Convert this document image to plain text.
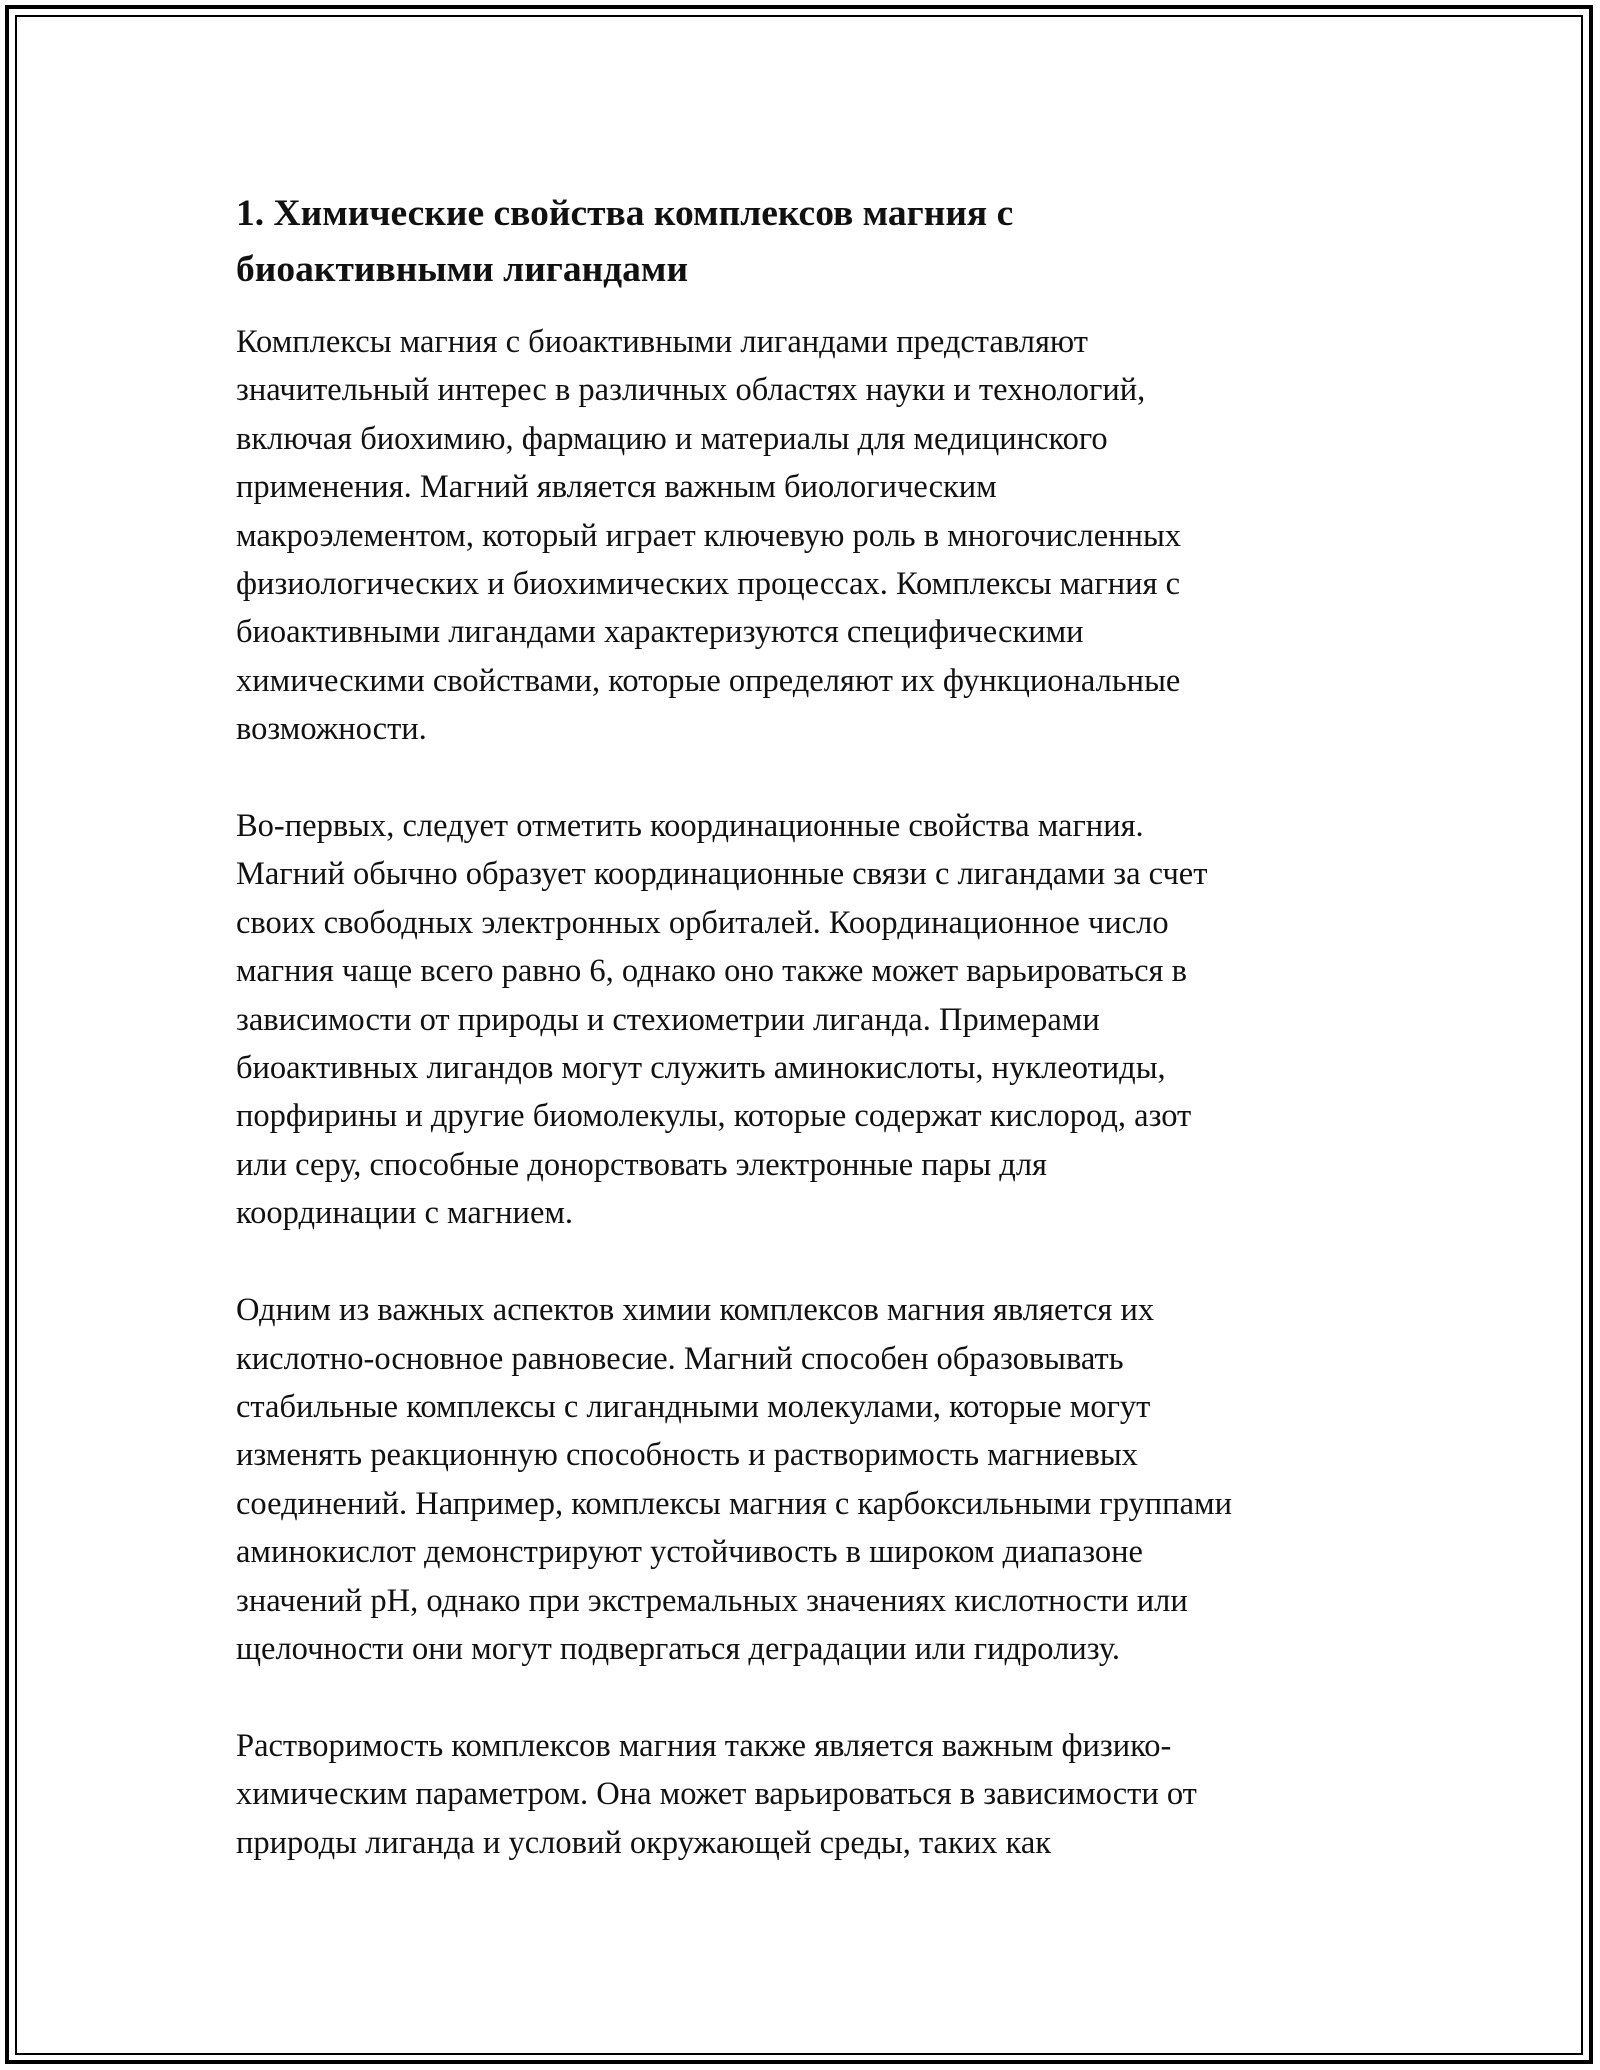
1. Химические свойства комплексов магния с
биоактивными лигандами
Комплексы магния с биоактивными лигандами представляют
значительный интерес в различных областях науки и технологий,
включая биохимию, фармацию и материалы для медицинского
применения. Магний является важным биологическим
макроэлементом, который играет ключевую роль в многочисленных
физиологических и биохимических процессах. Комплексы магния с
биоактивными лигандами характеризуются специфическими
химическими свойствами, которые определяют их функциональные
возможности.
Во-первых, следует отметить координационные свойства магния.
Магний обычно образует координационные связи с лигандами за счет
своих свободных электронных орбиталей. Координационное число
магния чаще всего равно 6, однако оно также может варьироваться в
зависимости от природы и стехиометрии лиганда. Примерами
биоактивных лигандов могут служить аминокислоты, нуклеотиды,
порфирины и другие биомолекулы, которые содержат кислород, азот
или серу, способные донорствовать электронные пары для
координации с магнием.
Одним из важных аспектов химии комплексов магния является их
кислотно-основное равновесие. Магний способен образовывать
стабильные комплексы с лигандными молекулами, которые могут
изменять реакционную способность и растворимость магниевых
соединений. Например, комплексы магния с карбоксильными группами
аминокислот демонстрируют устойчивость в широком диапазоне
значений pH, однако при экстремальных значениях кислотности или
щелочности они могут подвергаться деградации или гидролизу.
Растворимость комплексов магния также является важным физико-
химическим параметром. Она может варьироваться в зависимости от
природы лиганда и условий окружающей среды, таких как
